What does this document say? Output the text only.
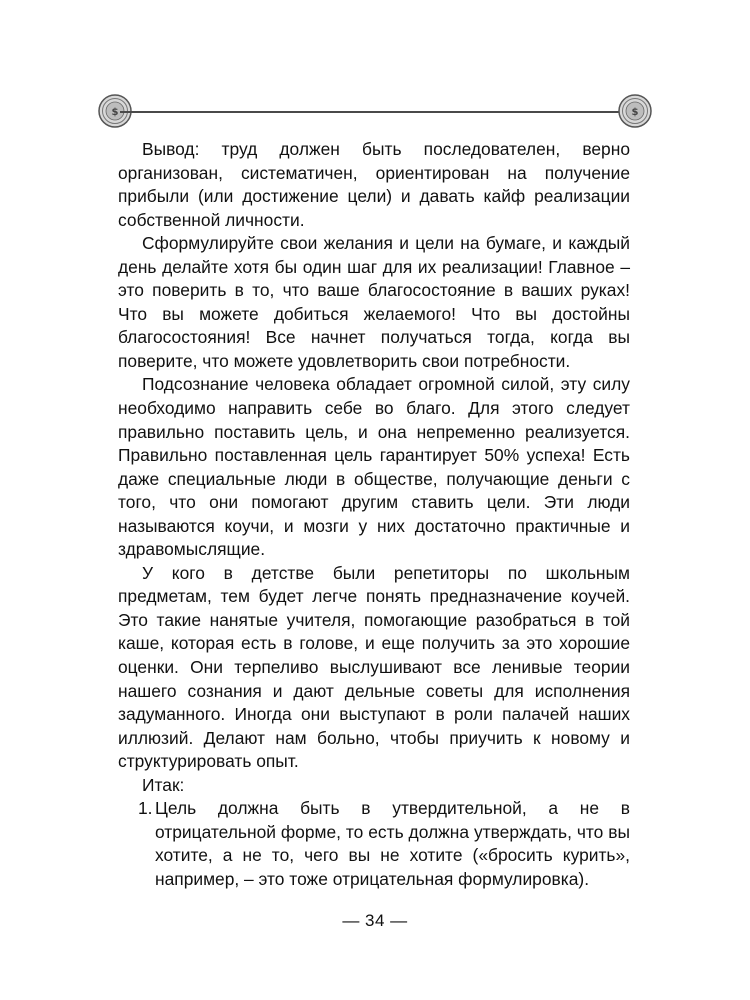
$	$

Вывод: труд должен быть последователен, верно организован, систематичен, ориентирован на получение прибыли (или достижение цели) и давать кайф реализации собственной личности.

Сформулируйте свои желания и цели на бумаге, и каждый день делайте хотя бы один шаг для их реализации! Главное – это поверить в то, что ваше благосостояние в ваших руках! Что вы можете добиться желаемого! Что вы достойны благосостояния! Все начнет получаться тогда, когда вы поверите, что можете удовлетворить свои потребности.

Подсознание человека обладает огромной силой, эту силу необходимо направить себе во благо. Для этого следует правильно поставить цель, и она непременно реализуется. Правильно поставленная цель гарантирует 50% успеха! Есть даже специальные люди в обществе, получающие деньги с того, что они помогают другим ставить цели. Эти люди называются коучи, и мозги у них достаточно практичные и здравомыслящие.

У кого в детстве были репетиторы по школьным предметам, тем будет легче понять предназначение коучей. Это такие нанятые учителя, помогающие разобраться в той каше, которая есть в голове, и еще получить за это хорошие оценки. Они терпеливо выслушивают все ленивые теории нашего сознания и дают дельные советы для исполнения задуманного. Иногда они выступают в роли палачей наших иллюзий. Делают нам больно, чтобы приучить к новому и структурировать опыт.

Итак:

1. Цель должна быть в утвердительной, а не в отрицательной форме, то есть должна утверждать, что вы хотите, а не то, чего вы не хотите («бросить курить», например, – это тоже отрицательная формулировка).
— 34 —
